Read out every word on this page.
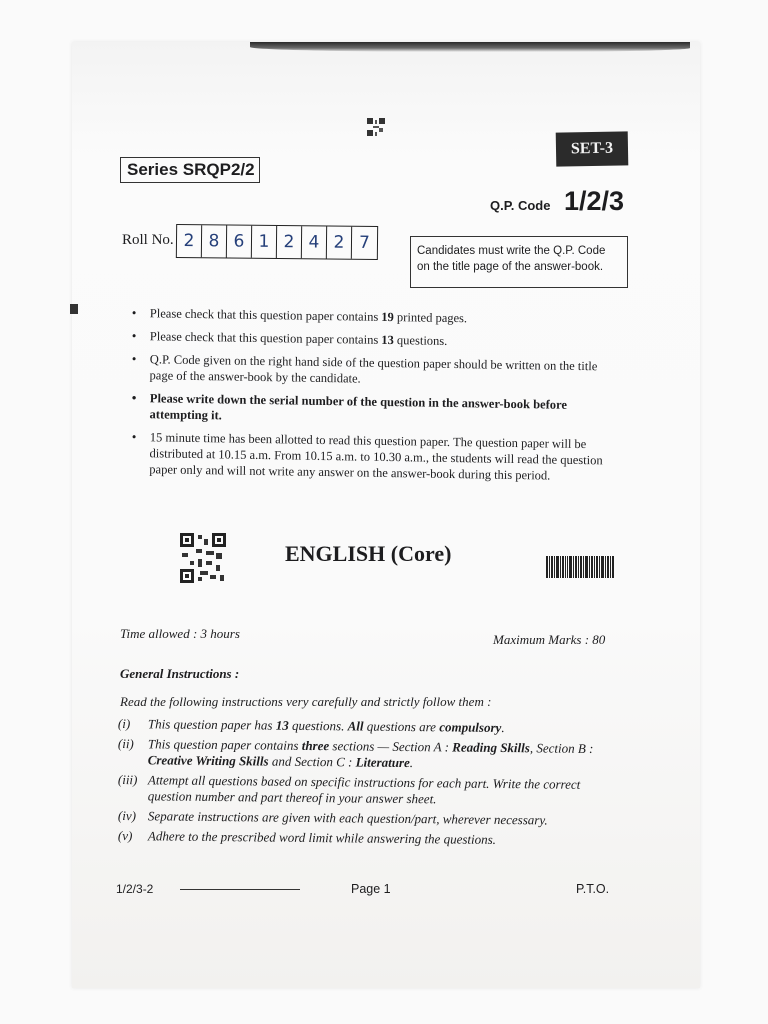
SET-3
Series SRQP2/2
Q.P. Code 1/2/3
Roll No. 2 8 6 1 2 4 2 7	Candidates must write the Q.P. Code on the title page of the answer-book.
• Please check that this question paper contains 19 printed pages.
• Please check that this question paper contains 13 questions.
• Q.P. Code given on the right hand side of the question paper should be written on the title page of the answer-book by the candidate.
• Please write down the serial number of the question in the answer-book before attempting it.
• 15 minute time has been allotted to read this question paper. The question paper will be distributed at 10.15 a.m. From 10.15 a.m. to 10.30 a.m., the students will read the question paper only and will not write any answer on the answer-book during this period.
ENGLISH (Core)
Time allowed : 3 hours	Maximum Marks : 80
General Instructions :
Read the following instructions very carefully and strictly follow them :
(i)	This question paper has 13 questions. All questions are compulsory.
(ii)	This question paper contains three sections — Section A : Reading Skills, Section B : Creative Writing Skills and Section C : Literature.
(iii) Attempt all questions based on specific instructions for each part. Write the correct question number and part thereof in your answer sheet.
(iv) Separate instructions are given with each question/part, wherever necessary.
(v)	Adhere to the prescribed word limit while answering the questions.
1/2/3-2	Page 1	P.T.O.
